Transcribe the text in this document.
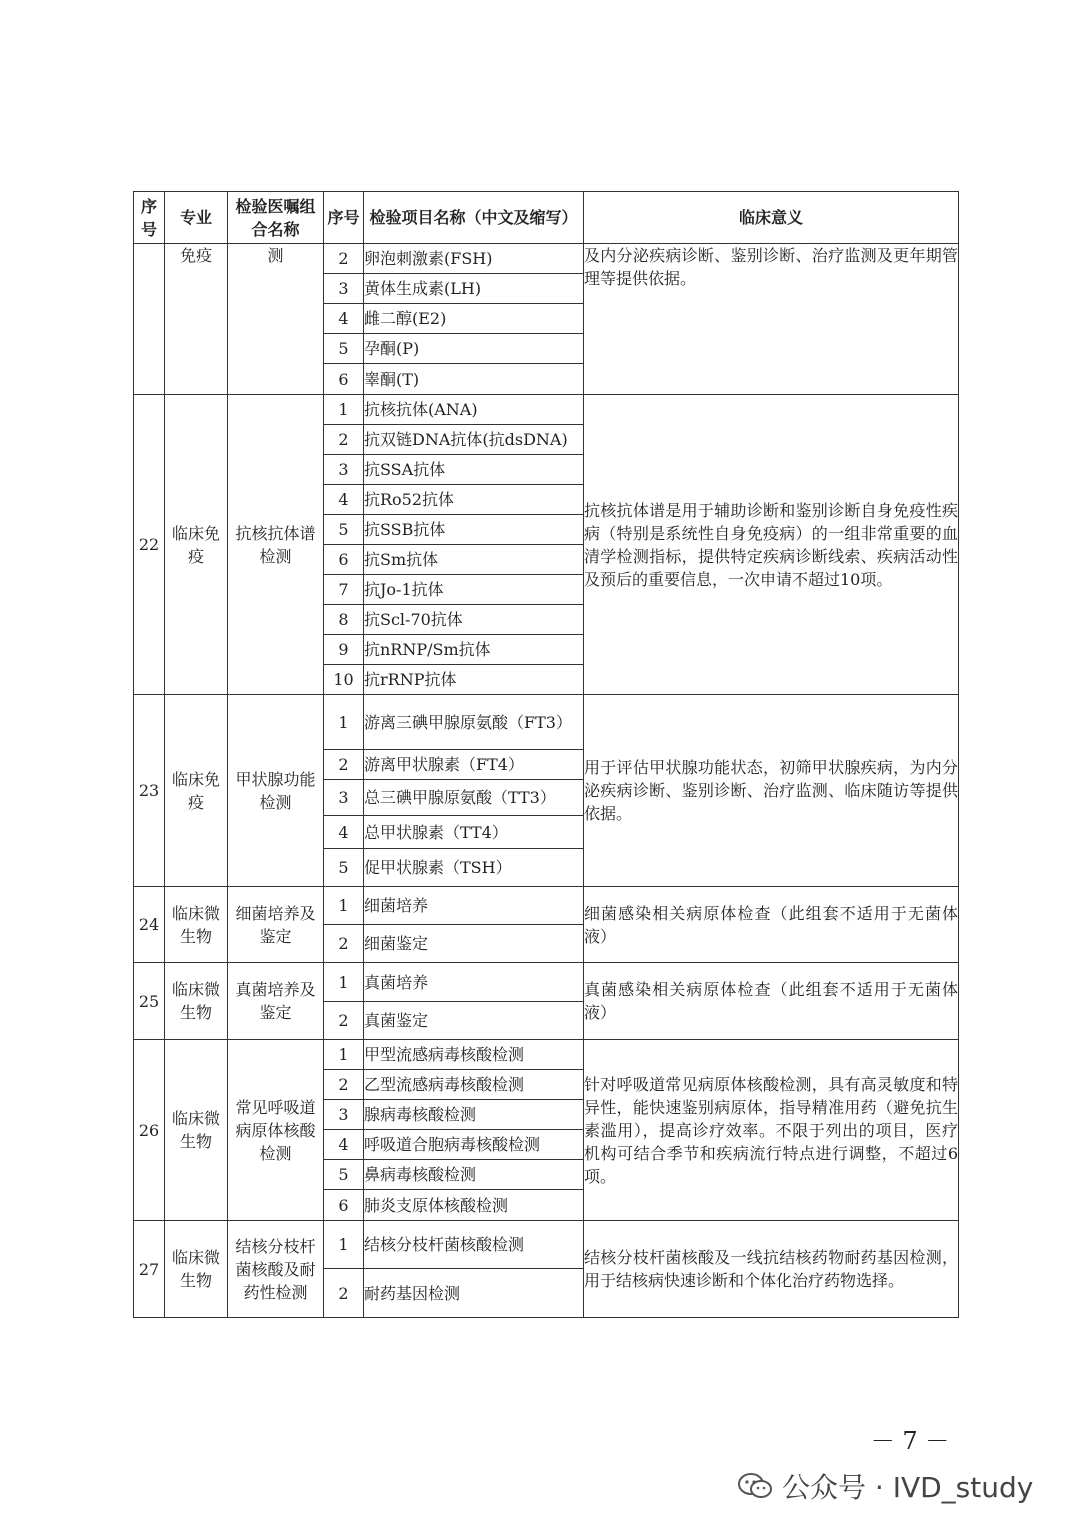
序号	专业	检验医嘱组合名称	序号	检验项目名称（中文及缩写）	临床意义
	免疫	测	2	卵泡刺激素(FSH)	及内分泌疾病诊断、鉴别诊断、治疗监测及更年期管理等提供依据。
			3	黄体生成素(LH)	
			4	雌二醇(E2)	
			5	孕酮(P)	
			6	睾酮(T)	
22	临床免疫	抗核抗体谱检测	1	抗核抗体(ANA)	抗核抗体谱是用于辅助诊断和鉴别诊断自身免疫性疾病（特别是系统性自身免疫病）的一组非常重要的血清学检测指标，提供特定疾病诊断线索、疾病活动性及预后的重要信息，一次申请不超过10项。
			2	抗双链DNA抗体(抗dsDNA)	
			3	抗SSA抗体	
			4	抗Ro52抗体	
			5	抗SSB抗体	
			6	抗Sm抗体	
			7	抗Jo-1抗体	
			8	抗Scl-70抗体	
			9	抗nRNP/Sm抗体	
			10	抗rRNP抗体	
23	临床免疫	甲状腺功能检测	1	游离三碘甲腺原氨酸（FT3）	用于评估甲状腺功能状态，初筛甲状腺疾病，为内分泌疾病诊断、鉴别诊断、治疗监测、临床随访等提供依据。
			2	游离甲状腺素（FT4）	
			3	总三碘甲腺原氨酸（TT3）	
			4	总甲状腺素（TT4）	
			5	促甲状腺素（TSH）	
24	临床微生物	细菌培养及鉴定	1	细菌培养	细菌感染相关病原体检查（此组套不适用于无菌体液）
			2	细菌鉴定	
25	临床微生物	真菌培养及鉴定	1	真菌培养	真菌感染相关病原体检查（此组套不适用于无菌体液）
			2	真菌鉴定	
26	临床微生物	常见呼吸道病原体核酸检测	1	甲型流感病毒核酸检测	针对呼吸道常见病原体核酸检测，具有高灵敏度和特异性，能快速鉴别病原体，指导精准用药（避免抗生素滥用），提高诊疗效率。不限于列出的项目，医疗机构可结合季节和疾病流行特点进行调整，不超过6项。
			2	乙型流感病毒核酸检测	
			3	腺病毒核酸检测	
			4	呼吸道合胞病毒核酸检测	
			5	鼻病毒核酸检测	
			6	肺炎支原体核酸检测	
27	临床微生物	结核分枝杆菌核酸及耐药性检测	1	结核分枝杆菌核酸检测	结核分枝杆菌核酸及一线抗结核药物耐药基因检测，用于结核病快速诊断和个体化治疗药物选择。
			2	耐药基因检测	
－ 7 －
公众号 · IVD_study
